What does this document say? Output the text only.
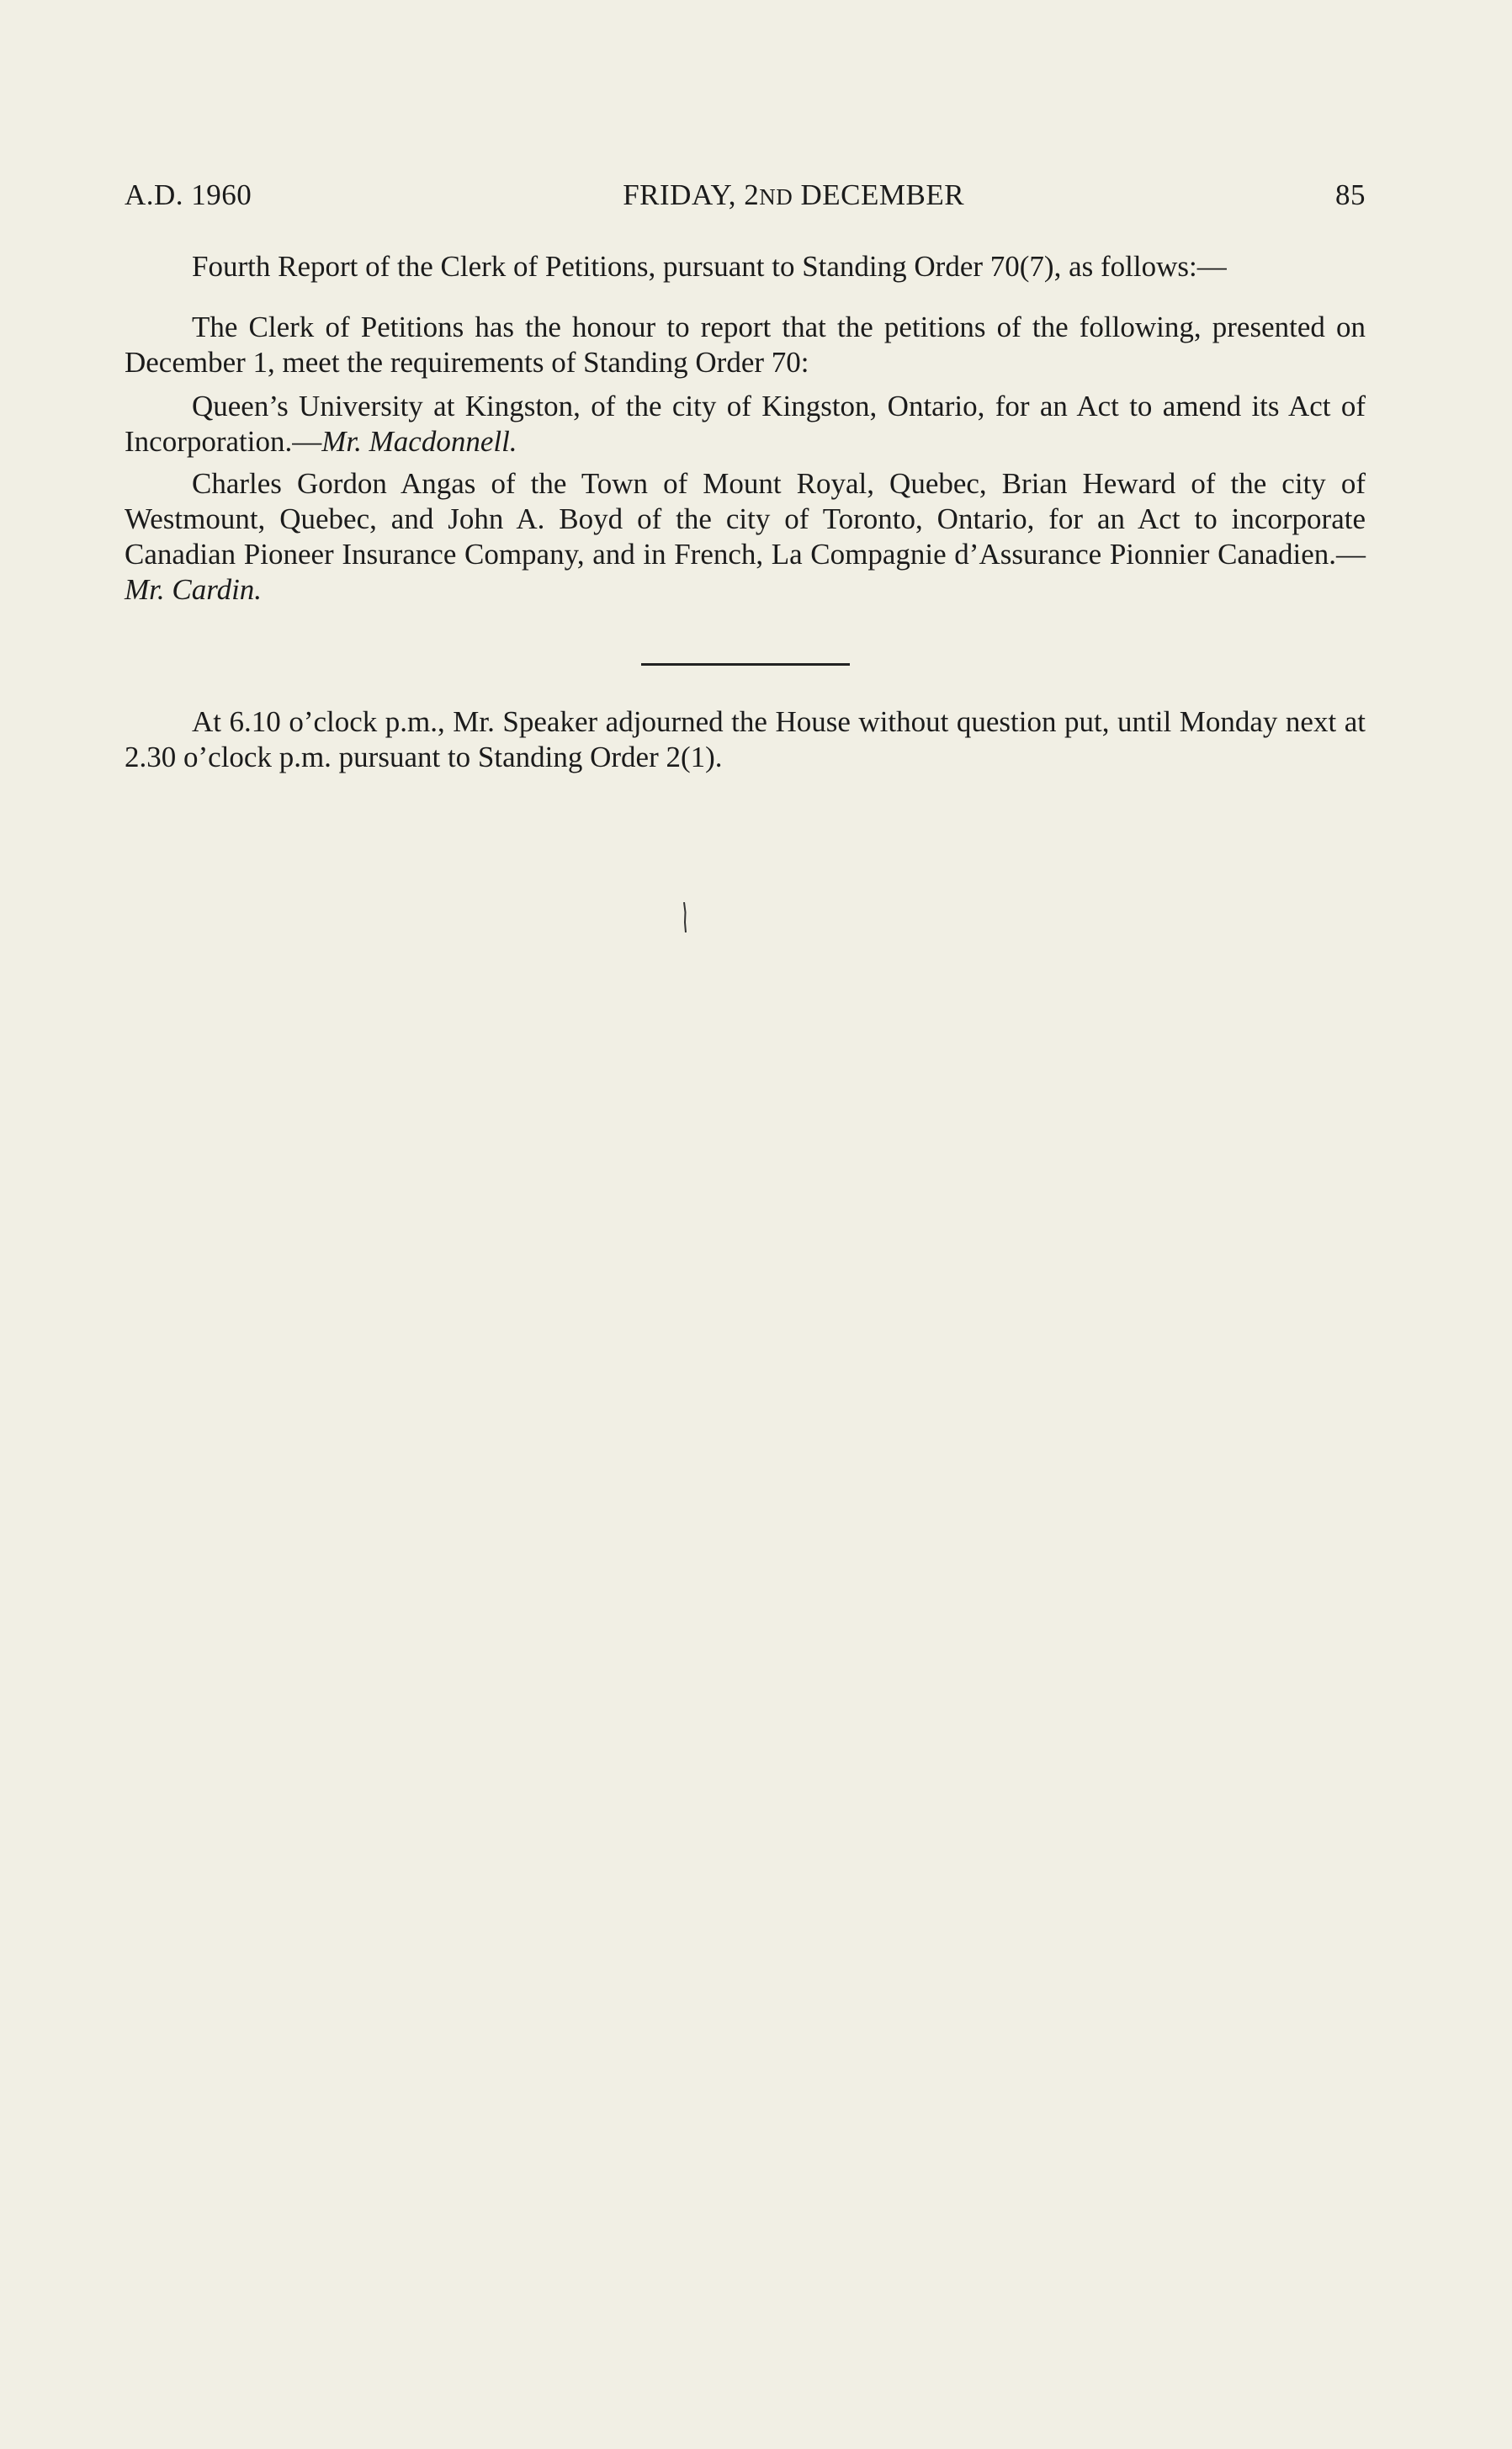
A.D. 1960	FRIDAY, 2ND DECEMBER	85

Fourth Report of the Clerk of Petitions, pursuant to Standing Order 70(7), as follows:—

The Clerk of Petitions has the honour to report that the petitions of the following, presented on December 1, meet the requirements of Standing Order 70:

Queen’s University at Kingston, of the city of Kingston, Ontario, for an Act to amend its Act of Incorporation.—Mr. Macdonnell.

Charles Gordon Angas of the Town of Mount Royal, Quebec, Brian Heward of the city of Westmount, Quebec, and John A. Boyd of the city of Toronto, Ontario, for an Act to incorporate Canadian Pioneer Insurance Company, and in French, La Compagnie d’Assurance Pionnier Canadien.—Mr. Cardin.

At 6.10 o’clock p.m., Mr. Speaker adjourned the House without question put, until Monday next at 2.30 o’clock p.m. pursuant to Standing Order 2(1).
